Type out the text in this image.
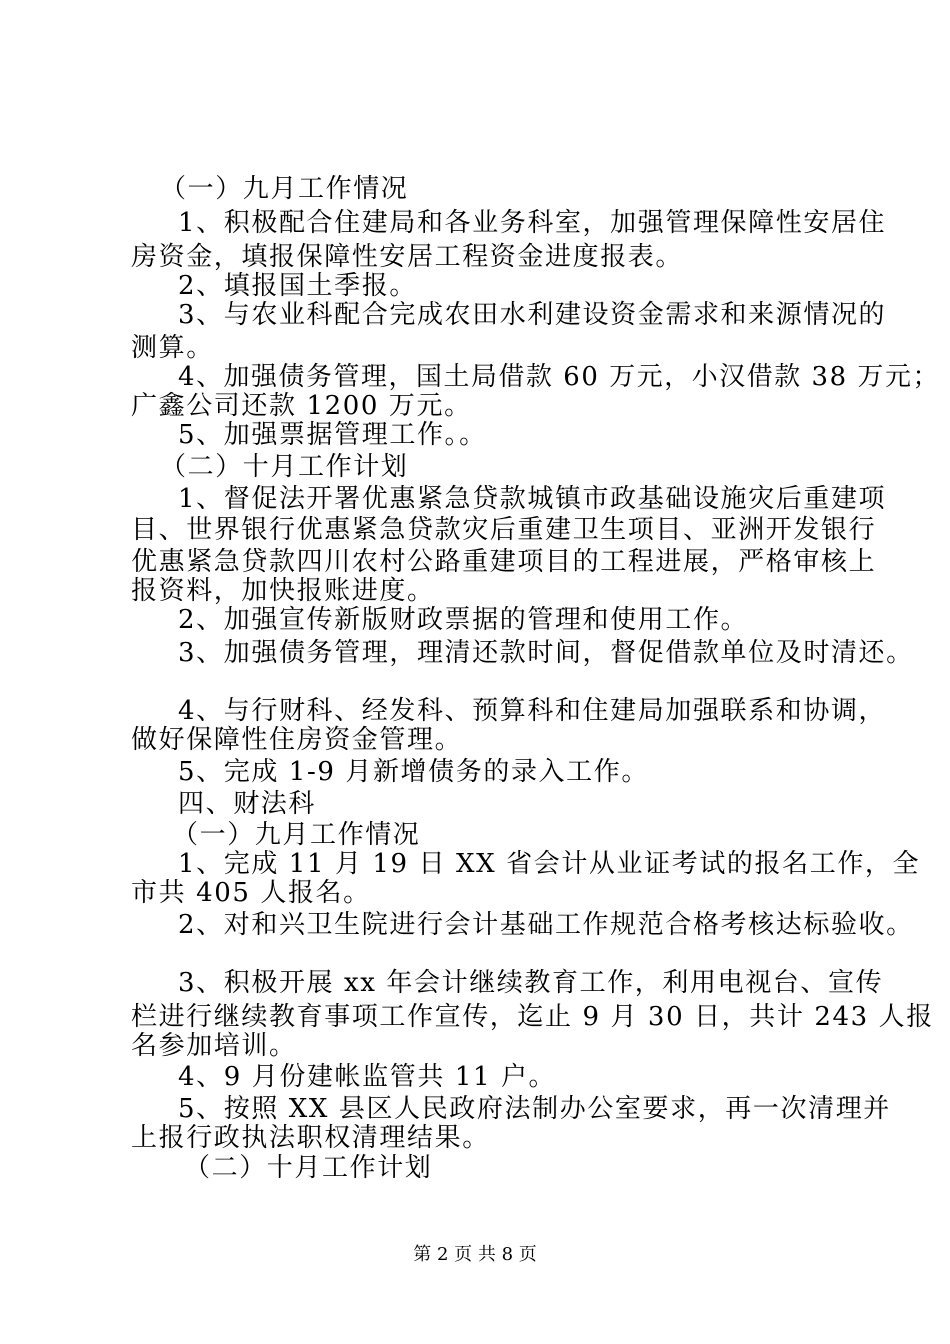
（一）九月工作情况
1、积极配合住建局和各业务科室，加强管理保障性安居住
房资金，填报保障性安居工程资金进度报表。
2、填报国土季报。
3、与农业科配合完成农田水利建设资金需求和来源情况的
测算。
4、加强债务管理，国土局借款 60 万元，小汉借款 38 万元；
广鑫公司还款 1200 万元。
5、加强票据管理工作。。
（二）十月工作计划
1、督促法开署优惠紧急贷款城镇市政基础设施灾后重建项
目、世界银行优惠紧急贷款灾后重建卫生项目、亚洲开发银行
优惠紧急贷款四川农村公路重建项目的工程进展，严格审核上
报资料，加快报账进度。
2、加强宣传新版财政票据的管理和使用工作。
3、加强债务管理，理清还款时间，督促借款单位及时清还。
4、与行财科、经发科、预算科和住建局加强联系和协调，
做好保障性住房资金管理。
5、完成 1-9 月新增债务的录入工作。
四、财法科
（一）九月工作情况
1、完成 11 月 19 日 XX 省会计从业证考试的报名工作，全
市共 405 人报名。
2、对和兴卫生院进行会计基础工作规范合格考核达标验收。
3、积极开展 xx 年会计继续教育工作，利用电视台、宣传
栏进行继续教育事项工作宣传，迄止 9 月 30 日，共计 243 人报
名参加培训。
4、9 月份建帐监管共 11 户。
5、按照 XX 县区人民政府法制办公室要求，再一次清理并
上报行政执法职权清理结果。
（二）十月工作计划
第 2 页 共 8 页
